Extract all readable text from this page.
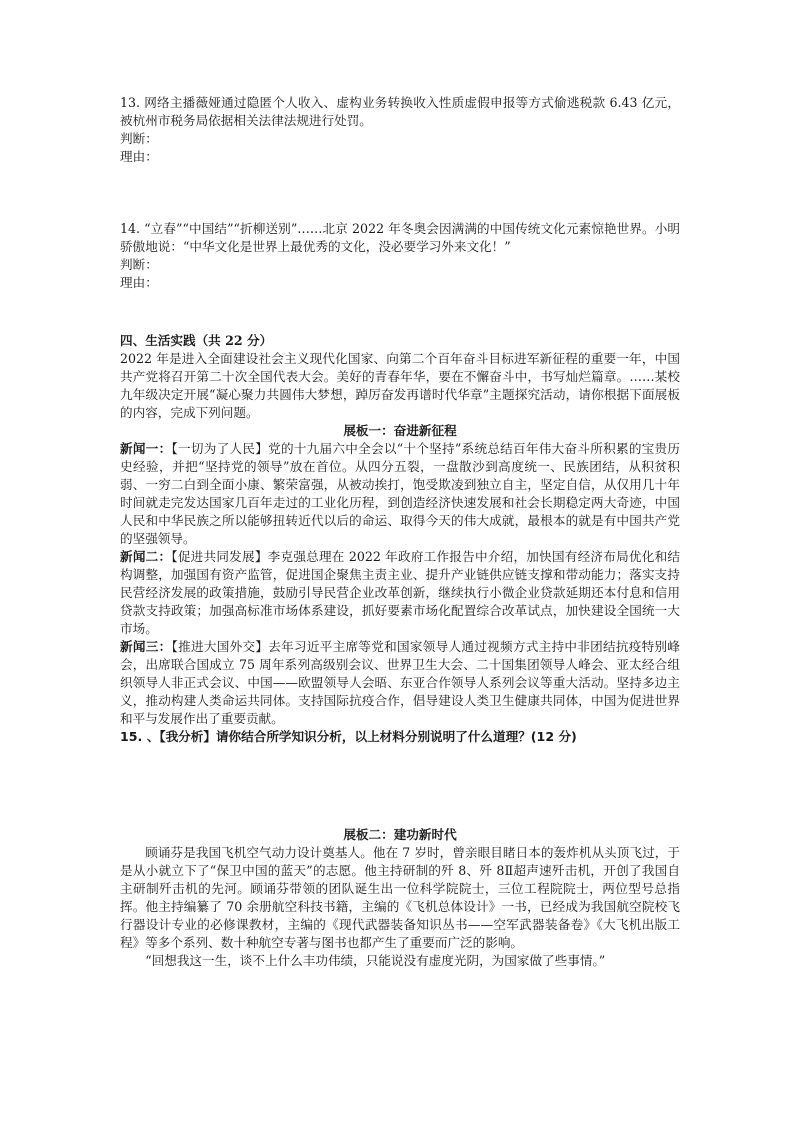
13. 网络主播薇娅通过隐匿个人收入、虚构业务转换收入性质虚假申报等方式偷逃税款 6.43 亿元，被杭州市税务局依据相关法律法规进行处罚。

判断：

理由：

14. “立春”“中国结”“折柳送别”……北京 2022 年冬奥会因满满的中国传统文化元素惊艳世界。小明骄傲地说：“中华文化是世界上最优秀的文化，没必要学习外来文化！”

判断：

理由：

四、生活实践（共 22 分）

2022 年是进入全面建设社会主义现代化国家、向第二个百年奋斗目标进军新征程的重要一年，中国共产党将召开第二十次全国代表大会。美好的青春年华，要在不懈奋斗中，书写灿烂篇章。……某校九年级决定开展“凝心聚力共圆伟大梦想，踔厉奋发再谱时代华章”主题探究活动，请你根据下面展板的内容，完成下列问题。

展板一：奋进新征程

新闻一：【一切为了人民】党的十九届六中全会以“十个坚持”系统总结百年伟大奋斗所积累的宝贵历史经验，并把“坚持党的领导”放在首位。从四分五裂，一盘散沙到高度统一、民族团结，从积贫积弱、一穷二白到全面小康、繁荣富强，从被动挨打，饱受欺凌到独立自主，坚定自信，从仅用几十年时间就走完发达国家几百年走过的工业化历程，到创造经济快速发展和社会长期稳定两大奇迹，中国人民和中华民族之所以能够扭转近代以后的命运、取得今天的伟大成就，最根本的就是有中国共产党的坚强领导。

新闻二：【促进共同发展】李克强总理在 2022 年政府工作报告中介绍，加快国有经济布局优化和结构调整，加强国有资产监管，促进国企聚焦主责主业、提升产业链供应链支撑和带动能力；落实支持民营经济发展的政策措施，鼓励引导民营企业改革创新，继续执行小微企业贷款延期还本付息和信用贷款支持政策；加强高标准市场体系建设，抓好要素市场化配置综合改革试点，加快建设全国统一大市场。

新闻三：【推进大国外交】去年习近平主席等党和国家领导人通过视频方式主持中非团结抗疫特别峰会，出席联合国成立 75 周年系列高级别会议、世界卫生大会、二十国集团领导人峰会、亚太经合组织领导人非正式会议、中国——欧盟领导人会晤、东亚合作领导人系列会议等重大活动。坚持多边主义，推动构建人类命运共同体。支持国际抗疫合作，倡导建设人类卫生健康共同体，中国为促进世界和平与发展作出了重要贡献。

15. 、【我分析】请你结合所学知识分析，以上材料分别说明了什么道理？(12 分)

展板二：建功新时代

顾诵芬是我国飞机空气动力设计奠基人。他在 7 岁时，曾亲眼目睹日本的轰炸机从头顶飞过，于是从小就立下了“保卫中国的蓝天”的志愿。他主持研制的歼 8、歼 8Ⅱ超声速歼击机，开创了我国自主研制歼击机的先河。顾诵芬带领的团队诞生出一位科学院院士，三位工程院院士，两位型号总指挥。他主持编纂了 70 余册航空科技书籍，主编的《飞机总体设计》一书，已经成为我国航空院校飞行器设计专业的必修课教材，主编的《现代武器装备知识丛书——空军武器装备卷》《大飞机出版工程》等多个系列、数十种航空专著与图书也都产生了重要而广泛的影响。

“回想我这一生，谈不上什么丰功伟绩，只能说没有虚度光阴，为国家做了些事情。”
